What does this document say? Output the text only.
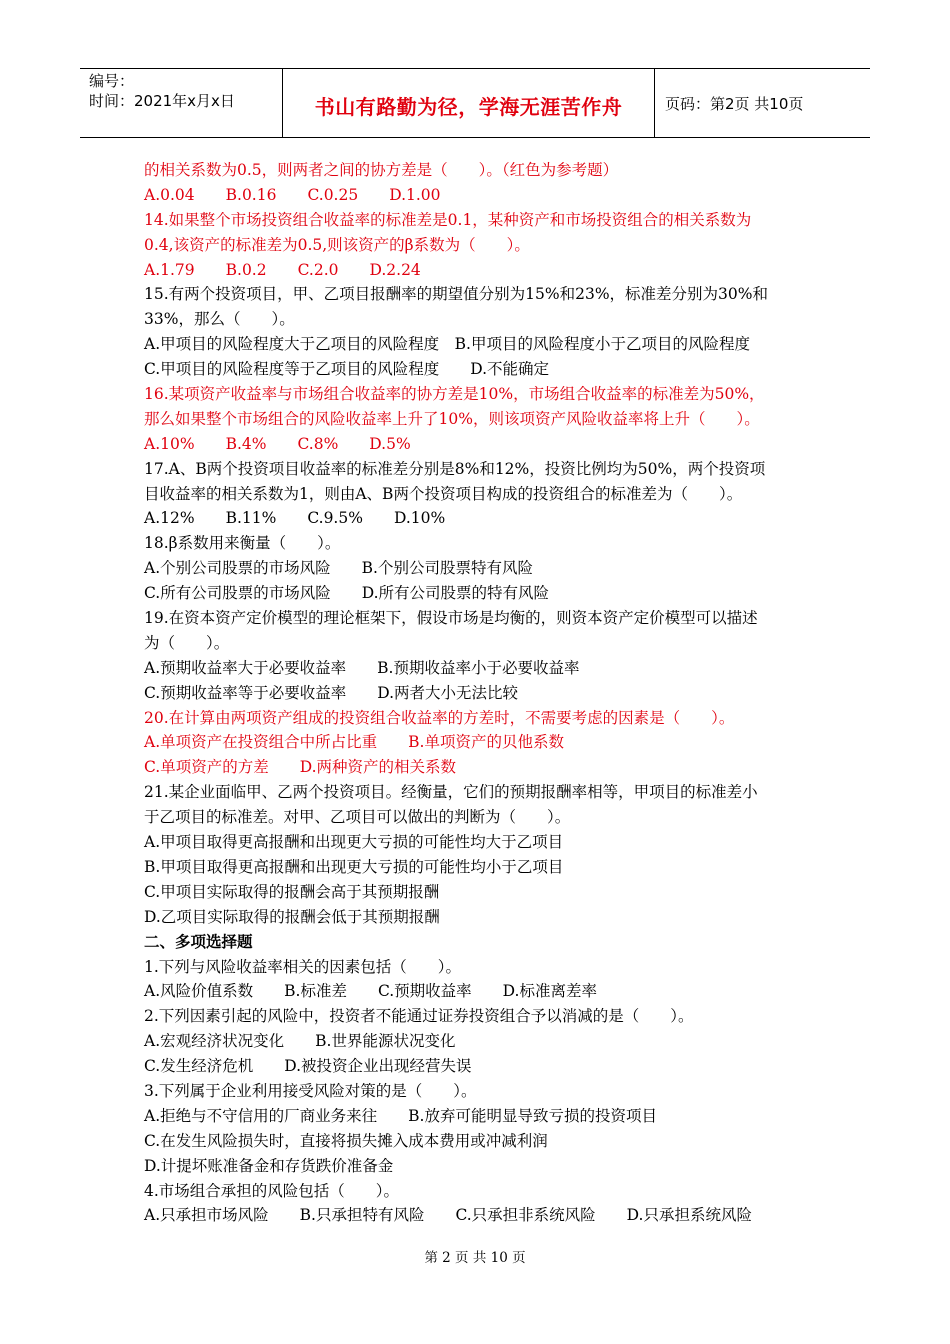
编号：
时间：2021年x月x日	书山有路勤为径，学海无涯苦作舟	页码：第2页 共10页
的相关系数为0.5，则两者之间的协方差是（　　）。（红色为参考题）
A.0.04　　B.0.16　　C.0.25　　D.1.00
14.如果整个市场投资组合收益率的标准差是0.1，某种资产和市场投资组合的相关系数为
0.4,该资产的标准差为0.5,则该资产的β系数为（　　）。
A.1.79　　B.0.2　　C.2.0　　D.2.24
15.有两个投资项目，甲、乙项目报酬率的期望值分别为15%和23%，标准差分别为30%和
33%，那么（　　）。
A.甲项目的风险程度大于乙项目的风险程度　B.甲项目的风险程度小于乙项目的风险程度
C.甲项目的风险程度等于乙项目的风险程度　　D.不能确定
16.某项资产收益率与市场组合收益率的协方差是10%，市场组合收益率的标准差为50%，
那么如果整个市场组合的风险收益率上升了10%，则该项资产风险收益率将上升（　　）。
A.10%　　B.4%　　C.8%　　D.5%
17.A、B两个投资项目收益率的标准差分别是8%和12%，投资比例均为50%，两个投资项
目收益率的相关系数为1，则由A、B两个投资项目构成的投资组合的标准差为（　　）。
A.12%　　B.11%　　C.9.5%　　D.10%
18.β系数用来衡量（　　）。
A.个别公司股票的市场风险　　B.个别公司股票特有风险
C.所有公司股票的市场风险　　D.所有公司股票的特有风险
19.在资本资产定价模型的理论框架下，假设市场是均衡的，则资本资产定价模型可以描述
为（　　）。
A.预期收益率大于必要收益率　　B.预期收益率小于必要收益率
C.预期收益率等于必要收益率　　D.两者大小无法比较
20.在计算由两项资产组成的投资组合收益率的方差时，不需要考虑的因素是（　　）。
A.单项资产在投资组合中所占比重　　B.单项资产的贝他系数
C.单项资产的方差　　D.两种资产的相关系数
21.某企业面临甲、乙两个投资项目。经衡量，它们的预期报酬率相等，甲项目的标准差小
于乙项目的标准差。对甲、乙项目可以做出的判断为（　　）。
A.甲项目取得更高报酬和出现更大亏损的可能性均大于乙项目
B.甲项目取得更高报酬和出现更大亏损的可能性均小于乙项目
C.甲项目实际取得的报酬会高于其预期报酬
D.乙项目实际取得的报酬会低于其预期报酬
二、多项选择题
1.下列与风险收益率相关的因素包括（　　）。
A.风险价值系数　　B.标准差　　C.预期收益率　　D.标准离差率
2.下列因素引起的风险中，投资者不能通过证券投资组合予以消减的是（　　）。
A.宏观经济状况变化　　B.世界能源状况变化
C.发生经济危机　　D.被投资企业出现经营失误
3.下列属于企业利用接受风险对策的是（　　）。
A.拒绝与不守信用的厂商业务来往　　B.放弃可能明显导致亏损的投资项目
C.在发生风险损失时，直接将损失摊入成本费用或冲减利润
D.计提坏账准备金和存货跌价准备金
4.市场组合承担的风险包括（　　）。
A.只承担市场风险　　B.只承担特有风险　　C.只承担非系统风险　　D.只承担系统风险
第 2 页 共 10 页
